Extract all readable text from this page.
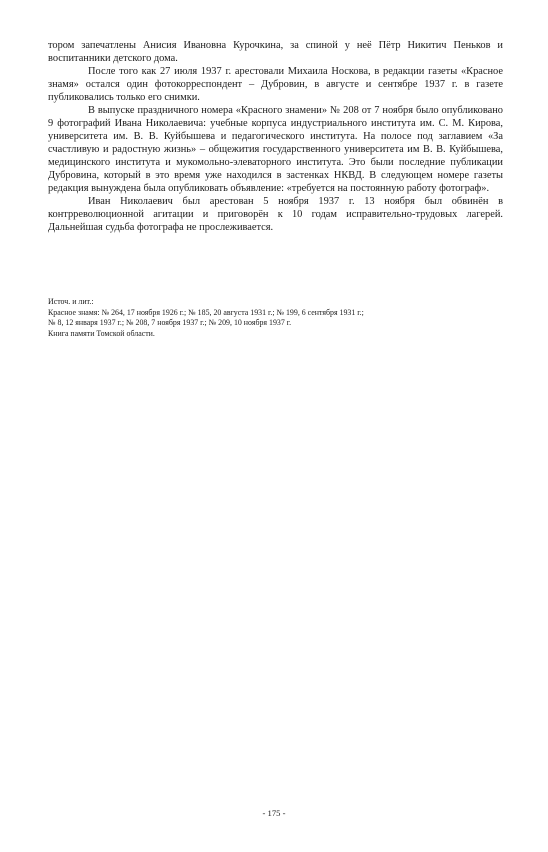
тором запечатлены Анисия Ивановна Курочкина, за спиной у неё Пётр Никитич Пеньков и воспитанники детского дома.

После того как 27 июля 1937 г. арестовали Михаила Носкова, в редакции газеты «Красное знамя» остался один фотокорреспондент – Дубровин, в августе и сентябре 1937 г. в газете публиковались только его снимки.

В выпуске праздничного номера «Красного знамени» № 208 от 7 ноября было опубликовано 9 фотографий Ивана Николаевича: учебные корпуса индустриального института им. С. М. Кирова, университета им. В. В. Куйбышева и педагогического института. На полосе под заглавием «За счастливую и радостную жизнь» – общежития государственного университета им В. В. Куйбышева, медицинского института и мукомольно-элеваторного института. Это были последние публикации Дубровина, который в это время уже находился в застенках НКВД. В следующем номере газеты редакция вынуждена была опубликовать объявление: «требуется на постоянную работу фотограф».

Иван Николаевич был арестован 5 ноября 1937 г. 13 ноября был обвинён в контрреволюционной агитации и приговорён к 10 годам исправительно-трудовых лагерей. Дальнейшая судьба фотографа не прослеживается.

Источ. и лит.:
Красное знамя: № 264, 17 ноября 1926 г.; № 185, 20 августа 1931 г.; № 199, 6 сентября 1931 г.;
№ 8, 12 января 1937 г.; № 208, 7 ноября 1937 г.; № 209, 10 ноября 1937 г.
Книга памяти Томской области.
- 175 -
